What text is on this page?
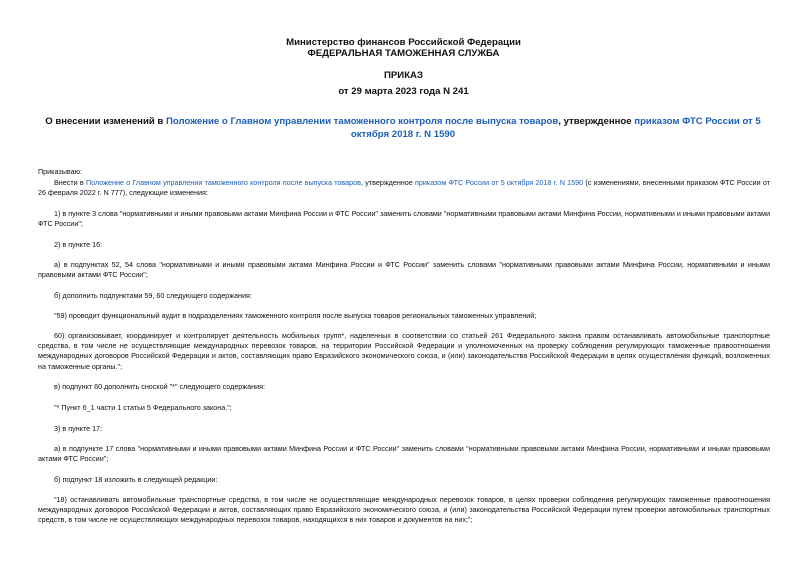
Министерство финансов Российской Федерации
ФЕДЕРАЛЬНАЯ ТАМОЖЕННАЯ СЛУЖБА
ПРИКАЗ
от 29 марта 2023 года N 241
О внесении изменений в Положение о Главном управлении таможенного контроля после выпуска товаров, утвержденное приказом ФТС России от 5 октября 2018 г. N 1590
Приказываю:
Внести в Положение о Главном управлении таможенного контроля после выпуска товаров, утвержденное приказом ФТС России от 5 октября 2018 г. N 1590 (с изменениями, внесенными приказом ФТС России от 26 февраля 2022 г. N 777), следующие изменения:
1) в пункте 3 слова "нормативными и иными правовыми актами Минфина России и ФТС России" заменить словами "нормативными правовыми актами Минфина России, нормативными и иными правовыми актами ФТС России";
2) в пункте 16:
а) в подпунктах 52, 54 слова "нормативными и иными правовыми актами Минфина России и ФТС России" заменить словами "нормативными правовыми актами Минфина России, нормативными и иными правовыми актами ФТС России";
б) дополнить подпунктами 59, 60 следующего содержания:
"59) проводит функциональный аудит в подразделениях таможенного контроля после выпуска товаров региональных таможенных управлений;
60) организовывает, координирует и контролирует деятельность мобильных групп*, наделенных в соответствии со статьей 261 Федерального закона правом останавливать автомобильные транспортные средства, в том числе не осуществляющие международных перевозок товаров, на территории Российской Федерации и уполномоченных на проверку соблюдения регулирующих таможенные правоотношения международных договоров Российской Федерации и актов, составляющих право Евразийского экономического союза, и (или) законодательства Российской Федерации в целях осуществления функций, возложенных на таможенные органы.";
в) подпункт 60 дополнить сноской "*" следующего содержания:
"* Пункт 6_1 части 1 статьи 5 Федерального закона.";
3) в пункте 17:
а) в подпункте 17 слова "нормативными и иными правовыми актами Минфина России и ФТС России" заменить словами "нормативными правовыми актами Минфина России, нормативными и иными правовыми актами ФТС России";
б) подпункт 18 изложить в следующей редакции:
"18) останавливать автомобильные транспортные средства, в том числе не осуществляющие международных перевозок товаров, в целях проверки соблюдения регулирующих таможенные правоотношения международных договоров Российской Федерации и актов, составляющих право Евразийского экономического союза, и (или) законодательства Российской Федерации путем проверки автомобильных транспортных средств, в том числе не осуществляющих международных перевозок товаров, находящихся в них товаров и документов на них;";
